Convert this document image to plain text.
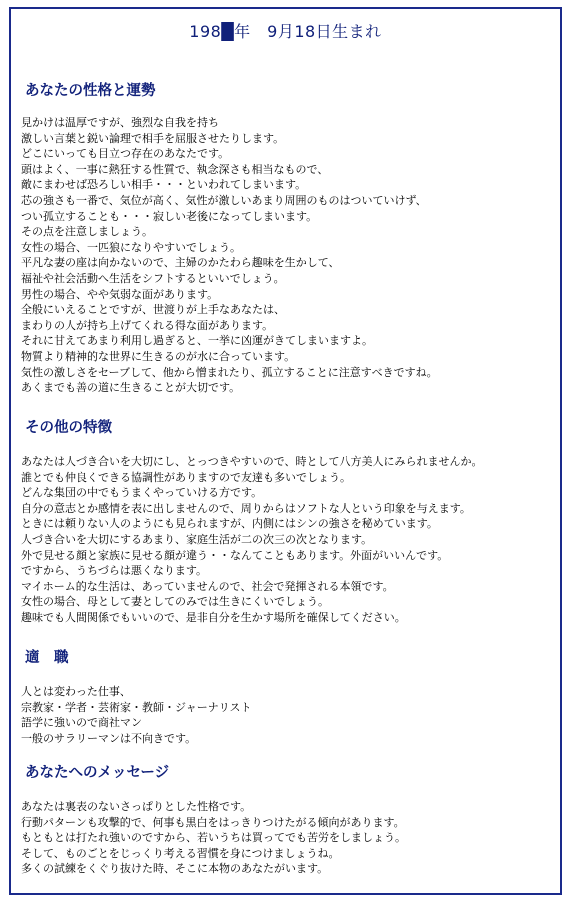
198█年　9月18日生まれ
あなたの性格と運勢
見かけは温厚ですが、強烈な自我を持ち
激しい言葉と鋭い論理で相手を屈服させたりします。
どこにいっても目立つ存在のあなたです。
頭はよく、一事に熱狂する性質で、執念深さも相当なもので、
敵にまわせば恐ろしい相手・・・といわれてしまいます。
芯の強さも一番で、気位が高く、気性が激しいあまり周囲のものはついていけず、
つい孤立することも・・・寂しい老後になってしまいます。
その点を注意しましょう。
女性の場合、一匹狼になりやすいでしょう。
平凡な妻の座は向かないので、主婦のかたわら趣味を生かして、
福祉や社会活動へ生活をシフトするといいでしょう。
男性の場合、やや気弱な面があります。
全般にいえることですが、世渡りが上手なあなたは、
まわりの人が持ち上げてくれる得な面があります。
それに甘えてあまり利用し過ぎると、一挙に凶運がきてしまいますよ。
物質より精神的な世界に生きるのが水に合っています。
気性の激しさをセーブして、他から憎まれたり、孤立することに注意すべきですね。
あくまでも善の道に生きることが大切です。
その他の特徴
あなたは人づき合いを大切にし、とっつきやすいので、時として八方美人にみられませんか。
誰とでも仲良くできる協調性がありますので友達も多いでしょう。
どんな集団の中でもうまくやっていける方です。
自分の意志とか感情を表に出しませんので、周りからはソフトな人という印象を与えます。
ときには頼りない人のようにも見られますが、内側にはシンの強さを秘めています。
人づき合いを大切にするあまり、家庭生活が二の次三の次となります。
外で見せる顔と家族に見せる顔が違う・・なんてこともあります。外面がいいんです。
ですから、うちづらは悪くなります。
マイホーム的な生活は、あっていませんので、社会で発揮される本領です。
女性の場合、母として妻としてのみでは生きにくいでしょう。
趣味でも人間関係でもいいので、是非自分を生かす場所を確保してください。
適　職
人とは変わった仕事、
宗教家・学者・芸術家・教師・ジャーナリスト
語学に強いので商社マン
一般のサラリーマンは不向きです。
あなたへのメッセージ
あなたは裏表のないさっぱりとした性格です。
行動パターンも攻撃的で、何事も黒白をはっきりつけたがる傾向があります。
もともとは打たれ強いのですから、若いうちは買ってでも苦労をしましょう。
そして、ものごとをじっくり考える習慣を身につけましょうね。
多くの試練をくぐり抜けた時、そこに本物のあなたがいます。
